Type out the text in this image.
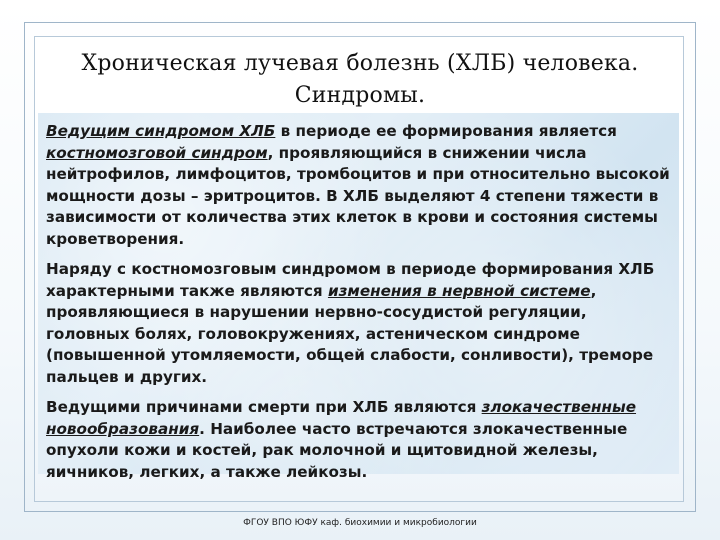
Хроническая лучевая болезнь (ХЛБ) человека. Синдромы.

Ведущим синдромом ХЛБ в периоде ее формирования является костномозговой синдром, проявляющийся в снижении числа нейтрофилов, лимфоцитов, тромбоцитов и при относительно высокой мощности дозы – эритроцитов. В ХЛБ выделяют 4 степени тяжести в зависимости от количества этих клеток в крови и состояния системы кроветворения.

Наряду с костномозговым синдромом в периоде формирования ХЛБ характерными также являются изменения в нервной системе, проявляющиеся в нарушении нервно-сосудистой регуляции, головных болях, головокружениях, астеническом синдроме (повышенной утомляемости, общей слабости, сонливости), треморе пальцев и других.

Ведущими причинами смерти при ХЛБ являются злокачественные новообразования. Наиболее часто встречаются злокачественные опухоли кожи и костей, рак молочной и щитовидной железы, яичников, легких, а также лейкозы.

ФГОУ ВПО ЮФУ каф. биохимии и микробиологии
